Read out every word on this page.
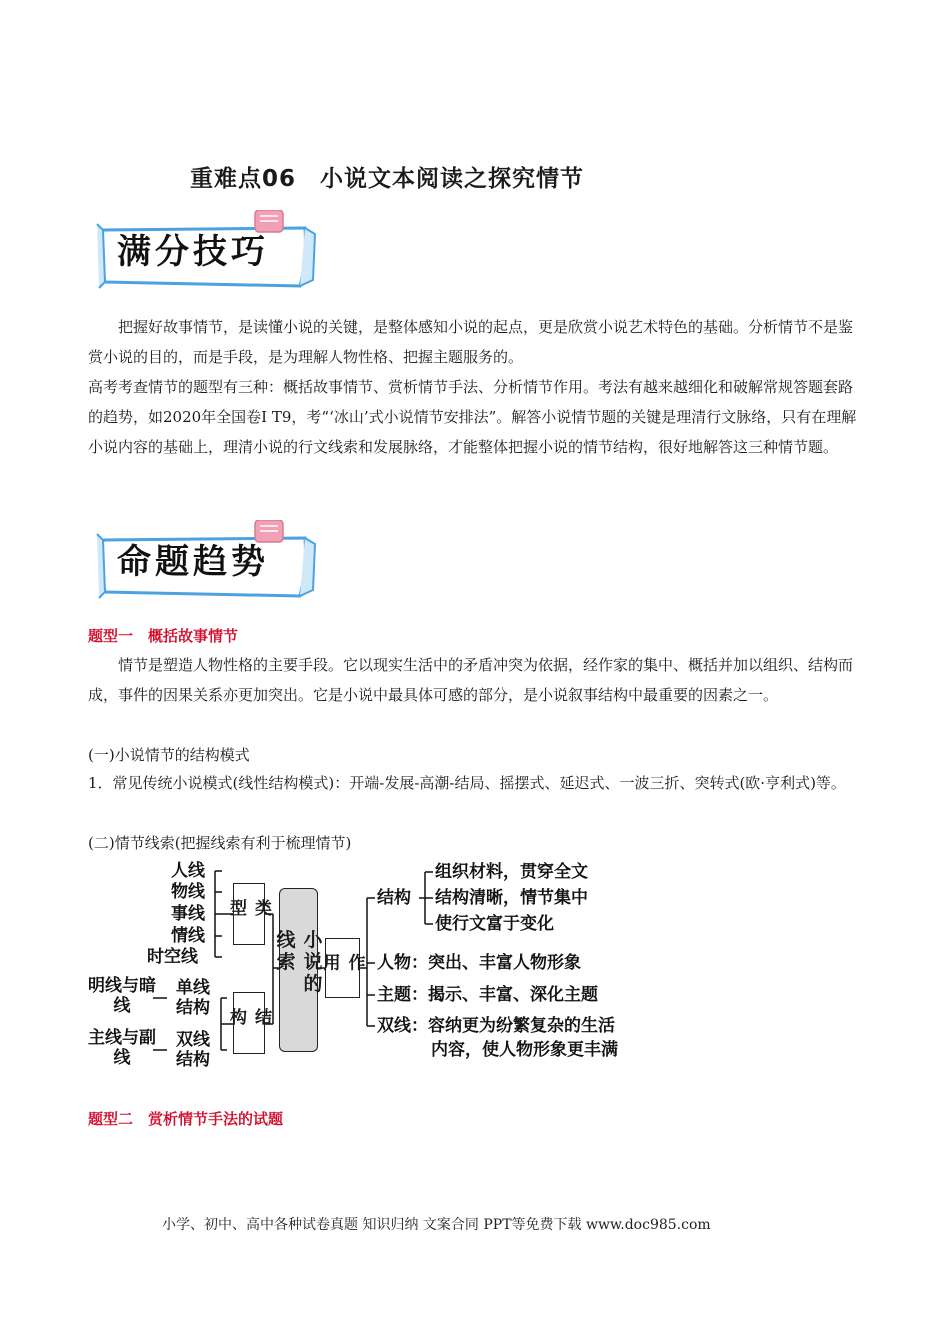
重难点06　小说文本阅读之探究情节
满分技巧

把握好故事情节，是读懂小说的关键，是整体感知小说的起点，更是欣赏小说艺术特色的基础。分析情节不是鉴赏小说的目的，而是手段，是为理解人物性格、把握主题服务的。

高考考查情节的题型有三种：概括故事情节、赏析情节手法、分析情节作用。考法有越来越细化和破解常规答题套路的趋势，如2020年全国卷Ⅰ T9，考“‘冰山’式小说情节安排法”。解答小说情节题的关键是理清行文脉络，只有在理解小说内容的基础上，理清小说的行文线索和发展脉络，才能整体把握小说的情节结构，很好地解答这三种情节题。

命题趋势
题型一　概括故事情节

情节是塑造人物性格的主要手段。它以现实生活中的矛盾冲突为依据，经作家的集中、概括并加以组织、结构而成，事件的因果关系亦更加突出。它是小说中最具体可感的部分，是小说叙事结构中最重要的因素之一。

(一)小说情节的结构模式

1．常见传统小说模式(线性结构模式)：开端-发展-高潮-结局、摇摆式、延迟式、一波三折、突转式(欧·亨利式)等。

(二)情节线索(把握线索有利于梳理情节)

人线
物线
事线
情线
时空线
类型
明线与暗线
单线结构
主线与副线
双线结构
结构
小说的线索	作用
结构
组织材料，贯穿全文
结构清晰，情节集中
使行文富于变化
人物：突出、丰富人物形象
主题：揭示、丰富、深化主题
双线：容纳更为纷繁复杂的生活
内容，使人物形象更丰满
题型二　赏析情节手法的试题
小学、初中、高中各种试卷真题 知识归纳 文案合同 PPT等免费下载 www.doc985.com
